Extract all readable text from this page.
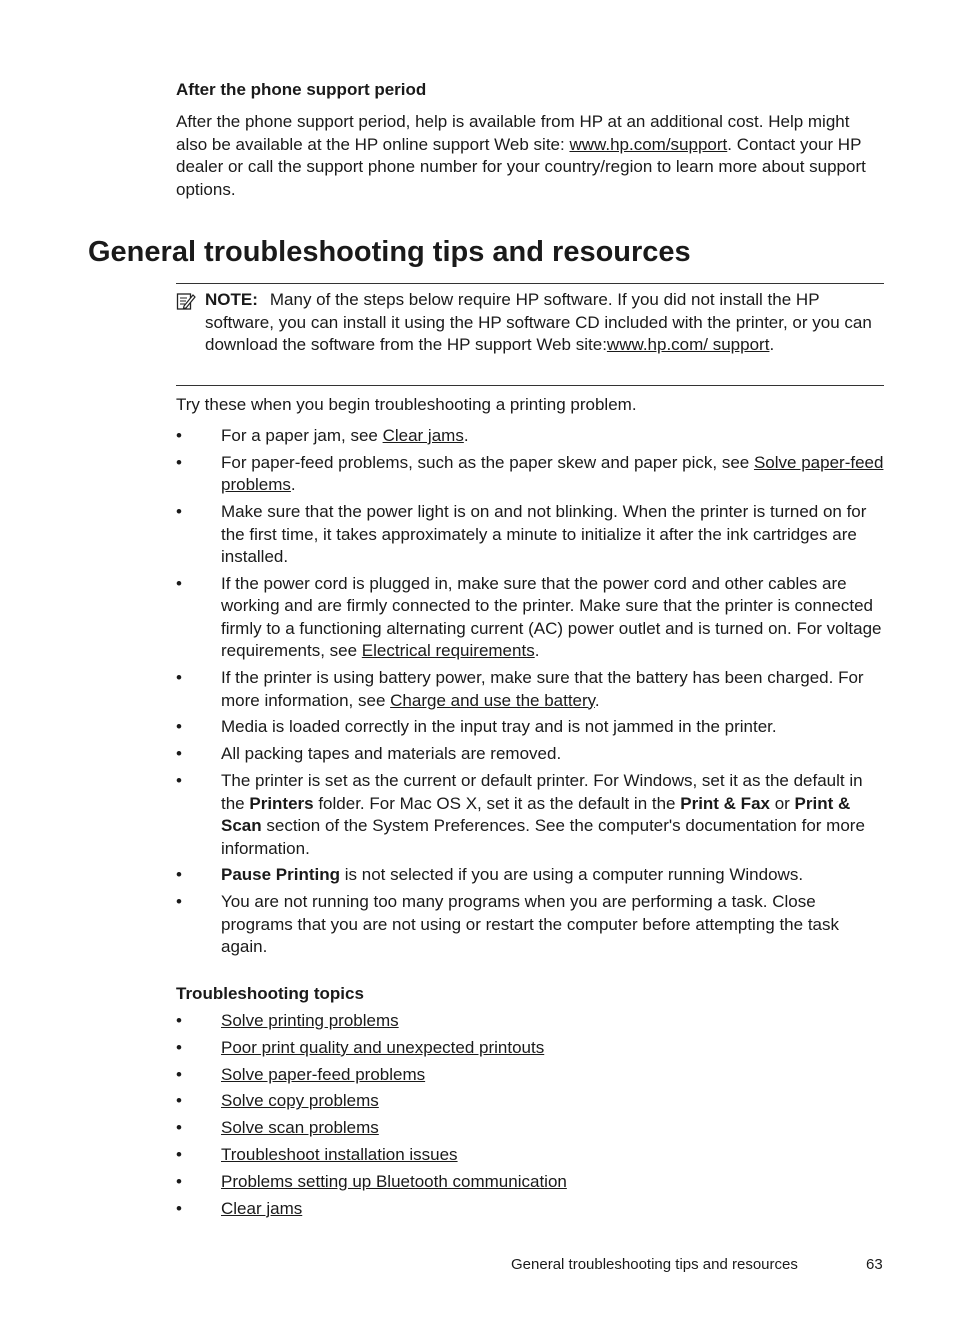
After the phone support period
After the phone support period, help is available from HP at an additional cost. Help might also be available at the HP online support Web site: www.hp.com/support. Contact your HP dealer or call the support phone number for your country/region to learn more about support options.
General troubleshooting tips and resources
NOTE: Many of the steps below require HP software. If you did not install the HP software, you can install it using the HP software CD included with the printer, or you can download the software from the HP support Web site:www.hp.com/ support.
Try these when you begin troubleshooting a printing problem.
• For a paper jam, see Clear jams.
• For paper-feed problems, such as the paper skew and paper pick, see Solve paper-feed problems.
• Make sure that the power light is on and not blinking. When the printer is turned on for the first time, it takes approximately a minute to initialize it after the ink cartridges are installed.
• If the power cord is plugged in, make sure that the power cord and other cables are working and are firmly connected to the printer. Make sure that the printer is connected firmly to a functioning alternating current (AC) power outlet and is turned on. For voltage requirements, see Electrical requirements.
• If the printer is using battery power, make sure that the battery has been charged. For more information, see Charge and use the battery.
• Media is loaded correctly in the input tray and is not jammed in the printer.
• All packing tapes and materials are removed.
• The printer is set as the current or default printer. For Windows, set it as the default in the Printers folder. For Mac OS X, set it as the default in the Print & Fax or Print & Scan section of the System Preferences. See the computer's documentation for more information.
• Pause Printing is not selected if you are using a computer running Windows.
• You are not running too many programs when you are performing a task. Close programs that you are not using or restart the computer before attempting the task again.
Troubleshooting topics
• Solve printing problems
• Poor print quality and unexpected printouts
• Solve paper-feed problems
• Solve copy problems
• Solve scan problems
• Troubleshoot installation issues
• Problems setting up Bluetooth communication
• Clear jams
General troubleshooting tips and resources	63
